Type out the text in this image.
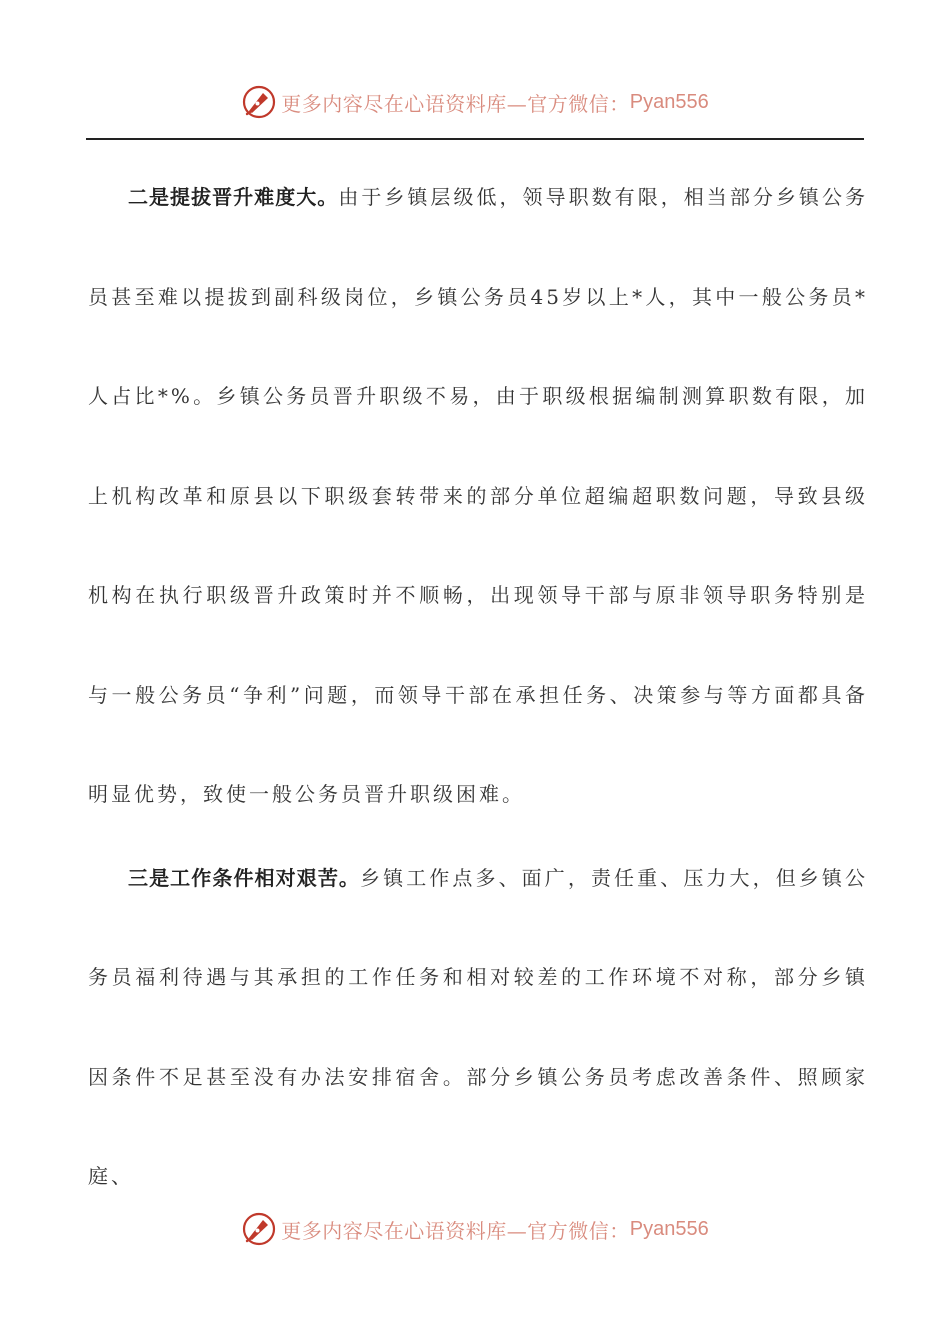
更多内容尽在心语资料库—官方微信： Pyan556

二是提拔晋升难度大。由于乡镇层级低，领导职数有限，相当部分乡镇公务员甚至难以提拔到副科级岗位，乡镇公务员45岁以上*人，其中一般公务员*人占比*%。乡镇公务员晋升职级不易，由于职级根据编制测算职数有限，加上机构改革和原县以下职级套转带来的部分单位超编超职数问题，导致县级机构在执行职级晋升政策时并不顺畅，出现领导干部与原非领导职务特别是与一般公务员“争利”问题，而领导干部在承担任务、决策参与等方面都具备明显优势，致使一般公务员晋升职级困难。

三是工作条件相对艰苦。乡镇工作点多、面广，责任重、压力大，但乡镇公务员福利待遇与其承担的工作任务和相对较差的工作环境不对称，部分乡镇因条件不足甚至没有办法安排宿舍。部分乡镇公务员考虑改善条件、照顾家庭、

更多内容尽在心语资料库—官方微信： Pyan556
